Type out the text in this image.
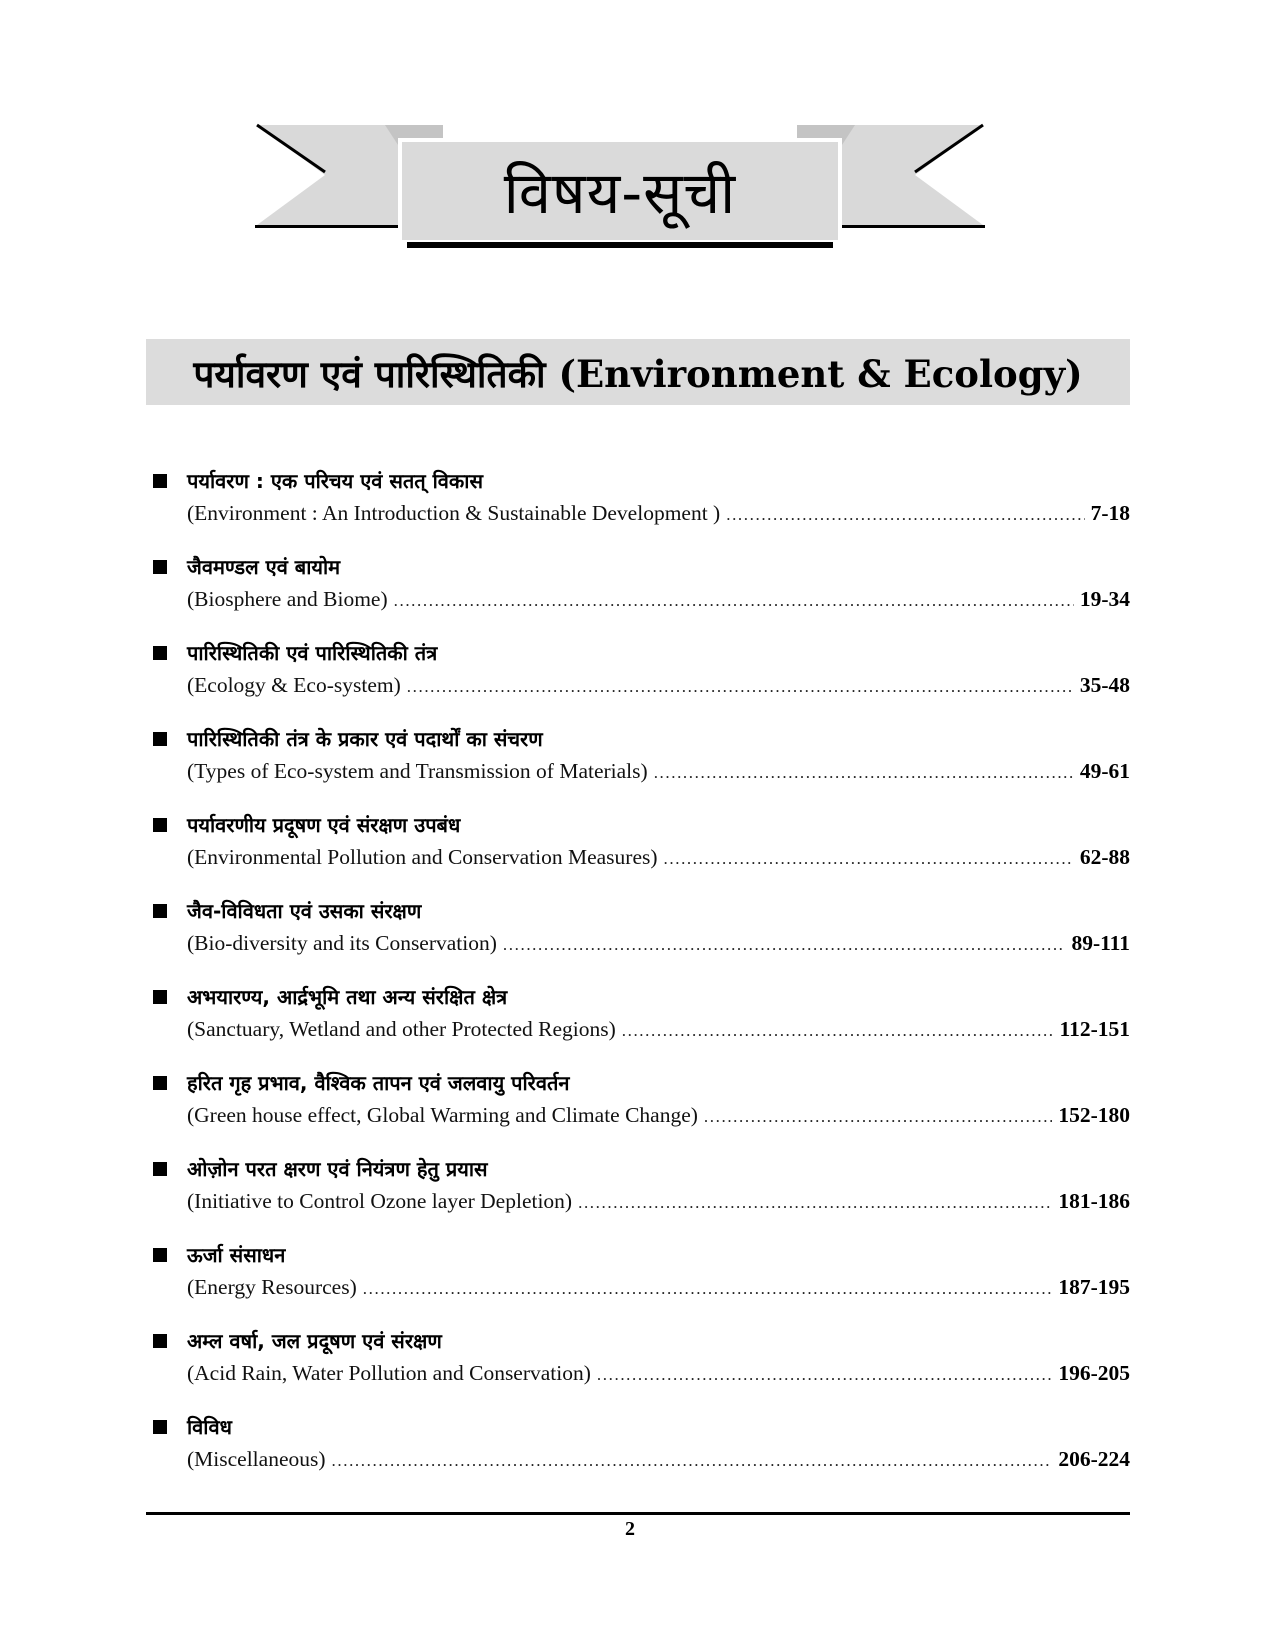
विषय-सूची
पर्यावरण एवं पारिस्थितिकी (Environment & Ecology)
पर्यावरण : एक परिचय एवं सतत् विकास
(Environment : An Introduction & Sustainable Development ) .....	7-18
जैवमण्डल एवं बायोम
(Biosphere and Biome) .....	19-34
पारिस्थितिकी एवं पारिस्थितिकी तंत्र
(Ecology & Eco-system) .....	35-48
पारिस्थितिकी तंत्र के प्रकार एवं पदार्थों का संचरण
(Types of Eco-system and Transmission of Materials) .....	49-61
पर्यावरणीय प्रदूषण एवं संरक्षण उपबंध
(Environmental Pollution and Conservation Measures) .....	62-88
जैव-विविधता एवं उसका संरक्षण
(Bio-diversity and its Conservation) .....	89-111
अभयारण्य, आर्द्रभूमि तथा अन्य संरक्षित क्षेत्र
(Sanctuary, Wetland and other Protected Regions) .....	112-151
हरित गृह प्रभाव, वैश्विक तापन एवं जलवायु परिवर्तन
(Green house effect, Global Warming and Climate Change) .....	152-180
ओज़ोन परत क्षरण एवं नियंत्रण हेतु प्रयास
(Initiative to Control Ozone layer Depletion) .....	181-186
ऊर्जा संसाधन
(Energy Resources) .....	187-195
अम्ल वर्षा, जल प्रदूषण एवं संरक्षण
(Acid Rain, Water Pollution and Conservation) .....	196-205
विविध
(Miscellaneous) .....	206-224
2
